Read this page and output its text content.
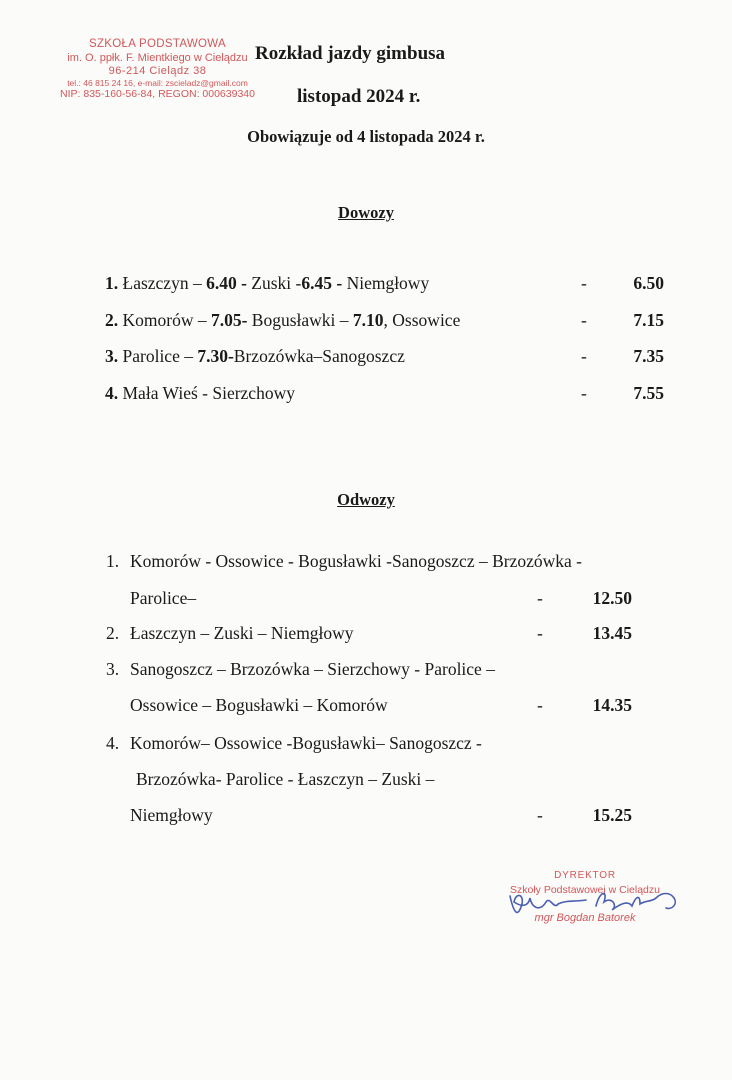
SZKOŁA PODSTAWOWA
im. O. ppłk. F. Mientkiego w Cielądzu
96-214 Cielądz 38
tel.: 46 815 24 16, e-mail: zscieladz@gmail.com
NIP: 835-160-56-84, REGON: 000639340
Rozkład jazdy gimbusa
listopad 2024 r.
Obowiązuje od 4 listopada 2024 r.
Dowozy
1. Łaszczyn – 6.40 - Zuski -6.45 - Niemgłowy	-	6.50
2. Komorów – 7.05- Bogusławki – 7.10, Ossowice	-	7.15
3. Parolice – 7.30-Brzozówka–Sanogoszcz	-	7.35
4. Mała Wieś - Sierzchowy	-	7.55
Odwozy
1. Komorów - Ossowice - Bogusławki -Sanogoszcz – Brzozówka -
Parolice–	-	12.50
2. Łaszczyn – Zuski – Niemgłowy	-	13.45
3. Sanogoszcz – Brzozówka – Sierzchowy - Parolice –
Ossowice – Bogusławki – Komorów	-	14.35
4. Komorów– Ossowice -Bogusławki– Sanogoszcz -
Brzozówka- Parolice - Łaszczyn – Zuski –
Niemgłowy	-	15.25
DYREKTOR
Szkoły Podstawowej w Cielądzu
mgr Bogdan Batorek
